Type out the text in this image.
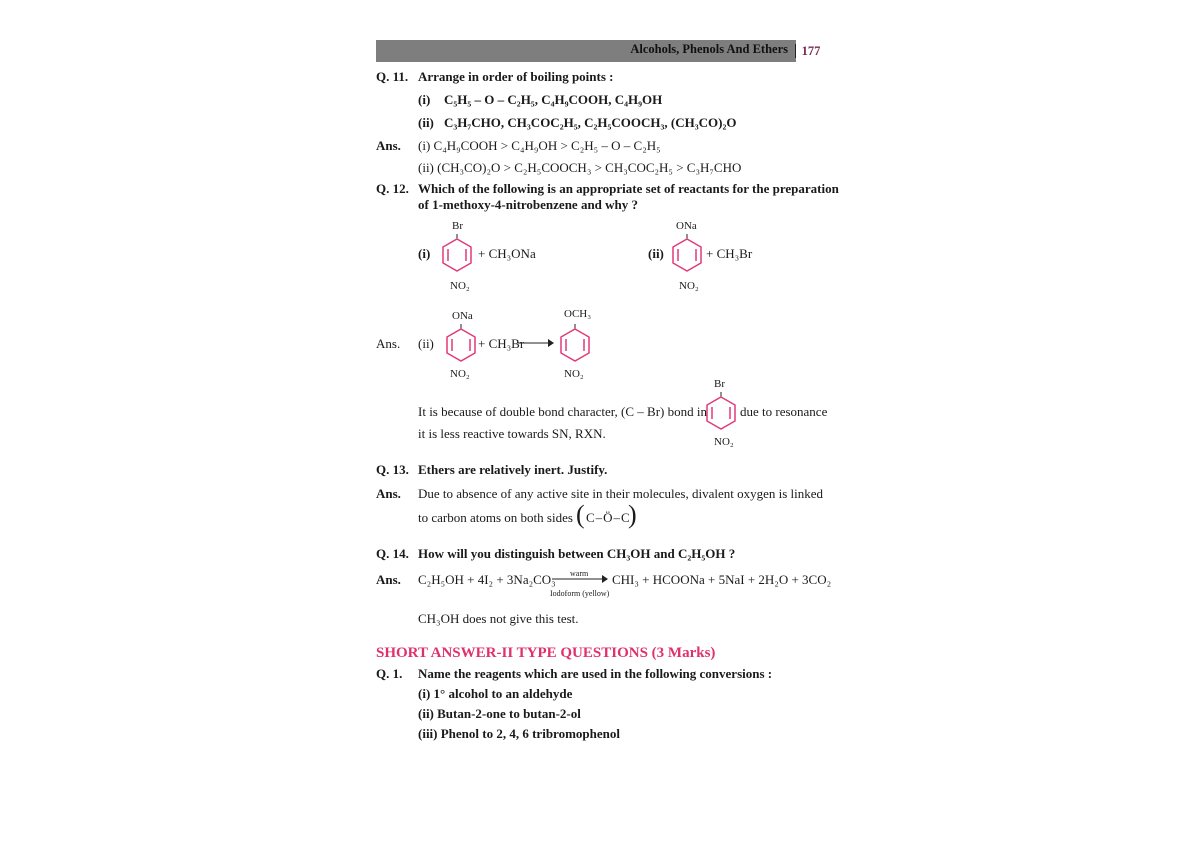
Alcohols, Phenols And Ethers	177
Q. 11. Arrange in order of boiling points :
(i) C₅H₅ – O – C₂H₅, C₄H₉COOH, C₄H₉OH
(ii) C₃H₇CHO, CH₃COC₂H₅, C₂H₅COOCH₃, (CH₃CO)₂O
Ans. (i) C₄H₉COOH > C₄H₉OH > C₂H₅ – O – C₂H₅
(ii) (CH₃CO)₂O > C₂H₅COOCH₃ > CH₃COC₂H₅ > C₃H₇CHO
Q. 12. Which of the following is an appropriate set of reactants for the preparation
of 1-methoxy-4-nitrobenzene and why ?
(i)
Br
+ CH₃ONa
NO₂
(ii)
ONa
+ CH₃Br
NO₂
Ans. (ii)
ONa
+ CH₃Br
OCH₃
NO₂	NO₂
Br
It is because of double bond character, (C – Br) bond in	due to resonance
it is less reactive towards SN, RXN.
NO₂
Q. 13. Ethers are relatively inert. Justify.
Ans. Due to absence of any active site in their molecules, divalent oxygen is linked
to carbon atoms on both sides ( C–Ö–C
)
Q. 14. How will you distinguish between CH₃OH and C₂H₅OH ?
Ans. C₂H₅OH + 4I₂ + 3Na₂CO₃ warm
Iodoform (yellow)
CHI₃ + HCOONa + 5NaI + 2H₂O + 3CO₂
CH₃OH does not give this test.
SHORT ANSWER-II TYPE QUESTIONS (3 Marks)
Q. 1. Name the reagents which are used in the following conversions :
(i) 1° alcohol to an aldehyde
(ii) Butan-2-one to butan-2-ol
(iii) Phenol to 2, 4, 6 tribromophenol
